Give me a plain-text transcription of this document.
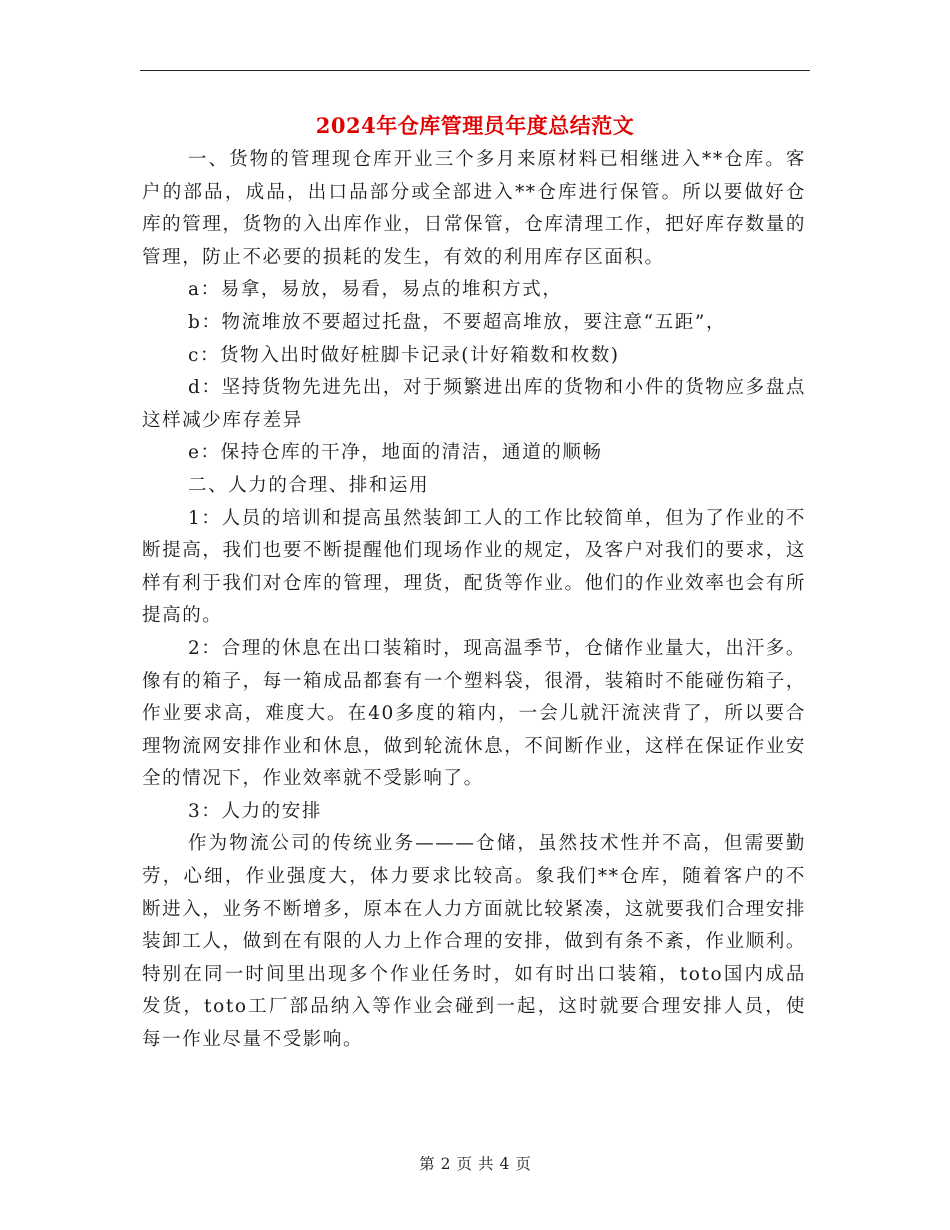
2024年仓库管理员年度总结范文

一、货物的管理现仓库开业三个多月来原材料已相继进入**仓库。客户的部品，成品，出口品部分或全部进入**仓库进行保管。所以要做好仓库的管理，货物的入出库作业，日常保管，仓库清理工作，把好库存数量的管理，防止不必要的损耗的发生，有效的利用库存区面积。

a：易拿，易放，易看，易点的堆积方式，

b：物流堆放不要超过托盘，不要超高堆放，要注意“五距”，

c：货物入出时做好桩脚卡记录(计好箱数和枚数)

d：坚持货物先进先出，对于频繁进出库的货物和小件的货物应多盘点这样减少库存差异

e：保持仓库的干净，地面的清洁，通道的顺畅

二、人力的合理、排和运用

1：人员的培训和提高虽然装卸工人的工作比较简单，但为了作业的不断提高，我们也要不断提醒他们现场作业的规定，及客户对我们的要求，这样有利于我们对仓库的管理，理货，配货等作业。他们的作业效率也会有所提高的。

2：合理的休息在出口装箱时，现高温季节，仓储作业量大，出汗多。像有的箱子，每一箱成品都套有一个塑料袋，很滑，装箱时不能碰伤箱子，作业要求高，难度大。在40多度的箱内，一会儿就汗流浃背了，所以要合理物流网安排作业和休息，做到轮流休息，不间断作业，这样在保证作业安全的情况下，作业效率就不受影响了。

3：人力的安排

作为物流公司的传统业务———仓储，虽然技术性并不高，但需要勤劳，心细，作业强度大，体力要求比较高。象我们**仓库，随着客户的不断进入，业务不断增多，原本在人力方面就比较紧凑，这就要我们合理安排装卸工人，做到在有限的人力上作合理的安排，做到有条不紊，作业顺利。特别在同一时间里出现多个作业任务时，如有时出口装箱，toto国内成品发货，toto工厂部品纳入等作业会碰到一起，这时就要合理安排人员，使每一作业尽量不受影响。

第 2 页 共 4 页
